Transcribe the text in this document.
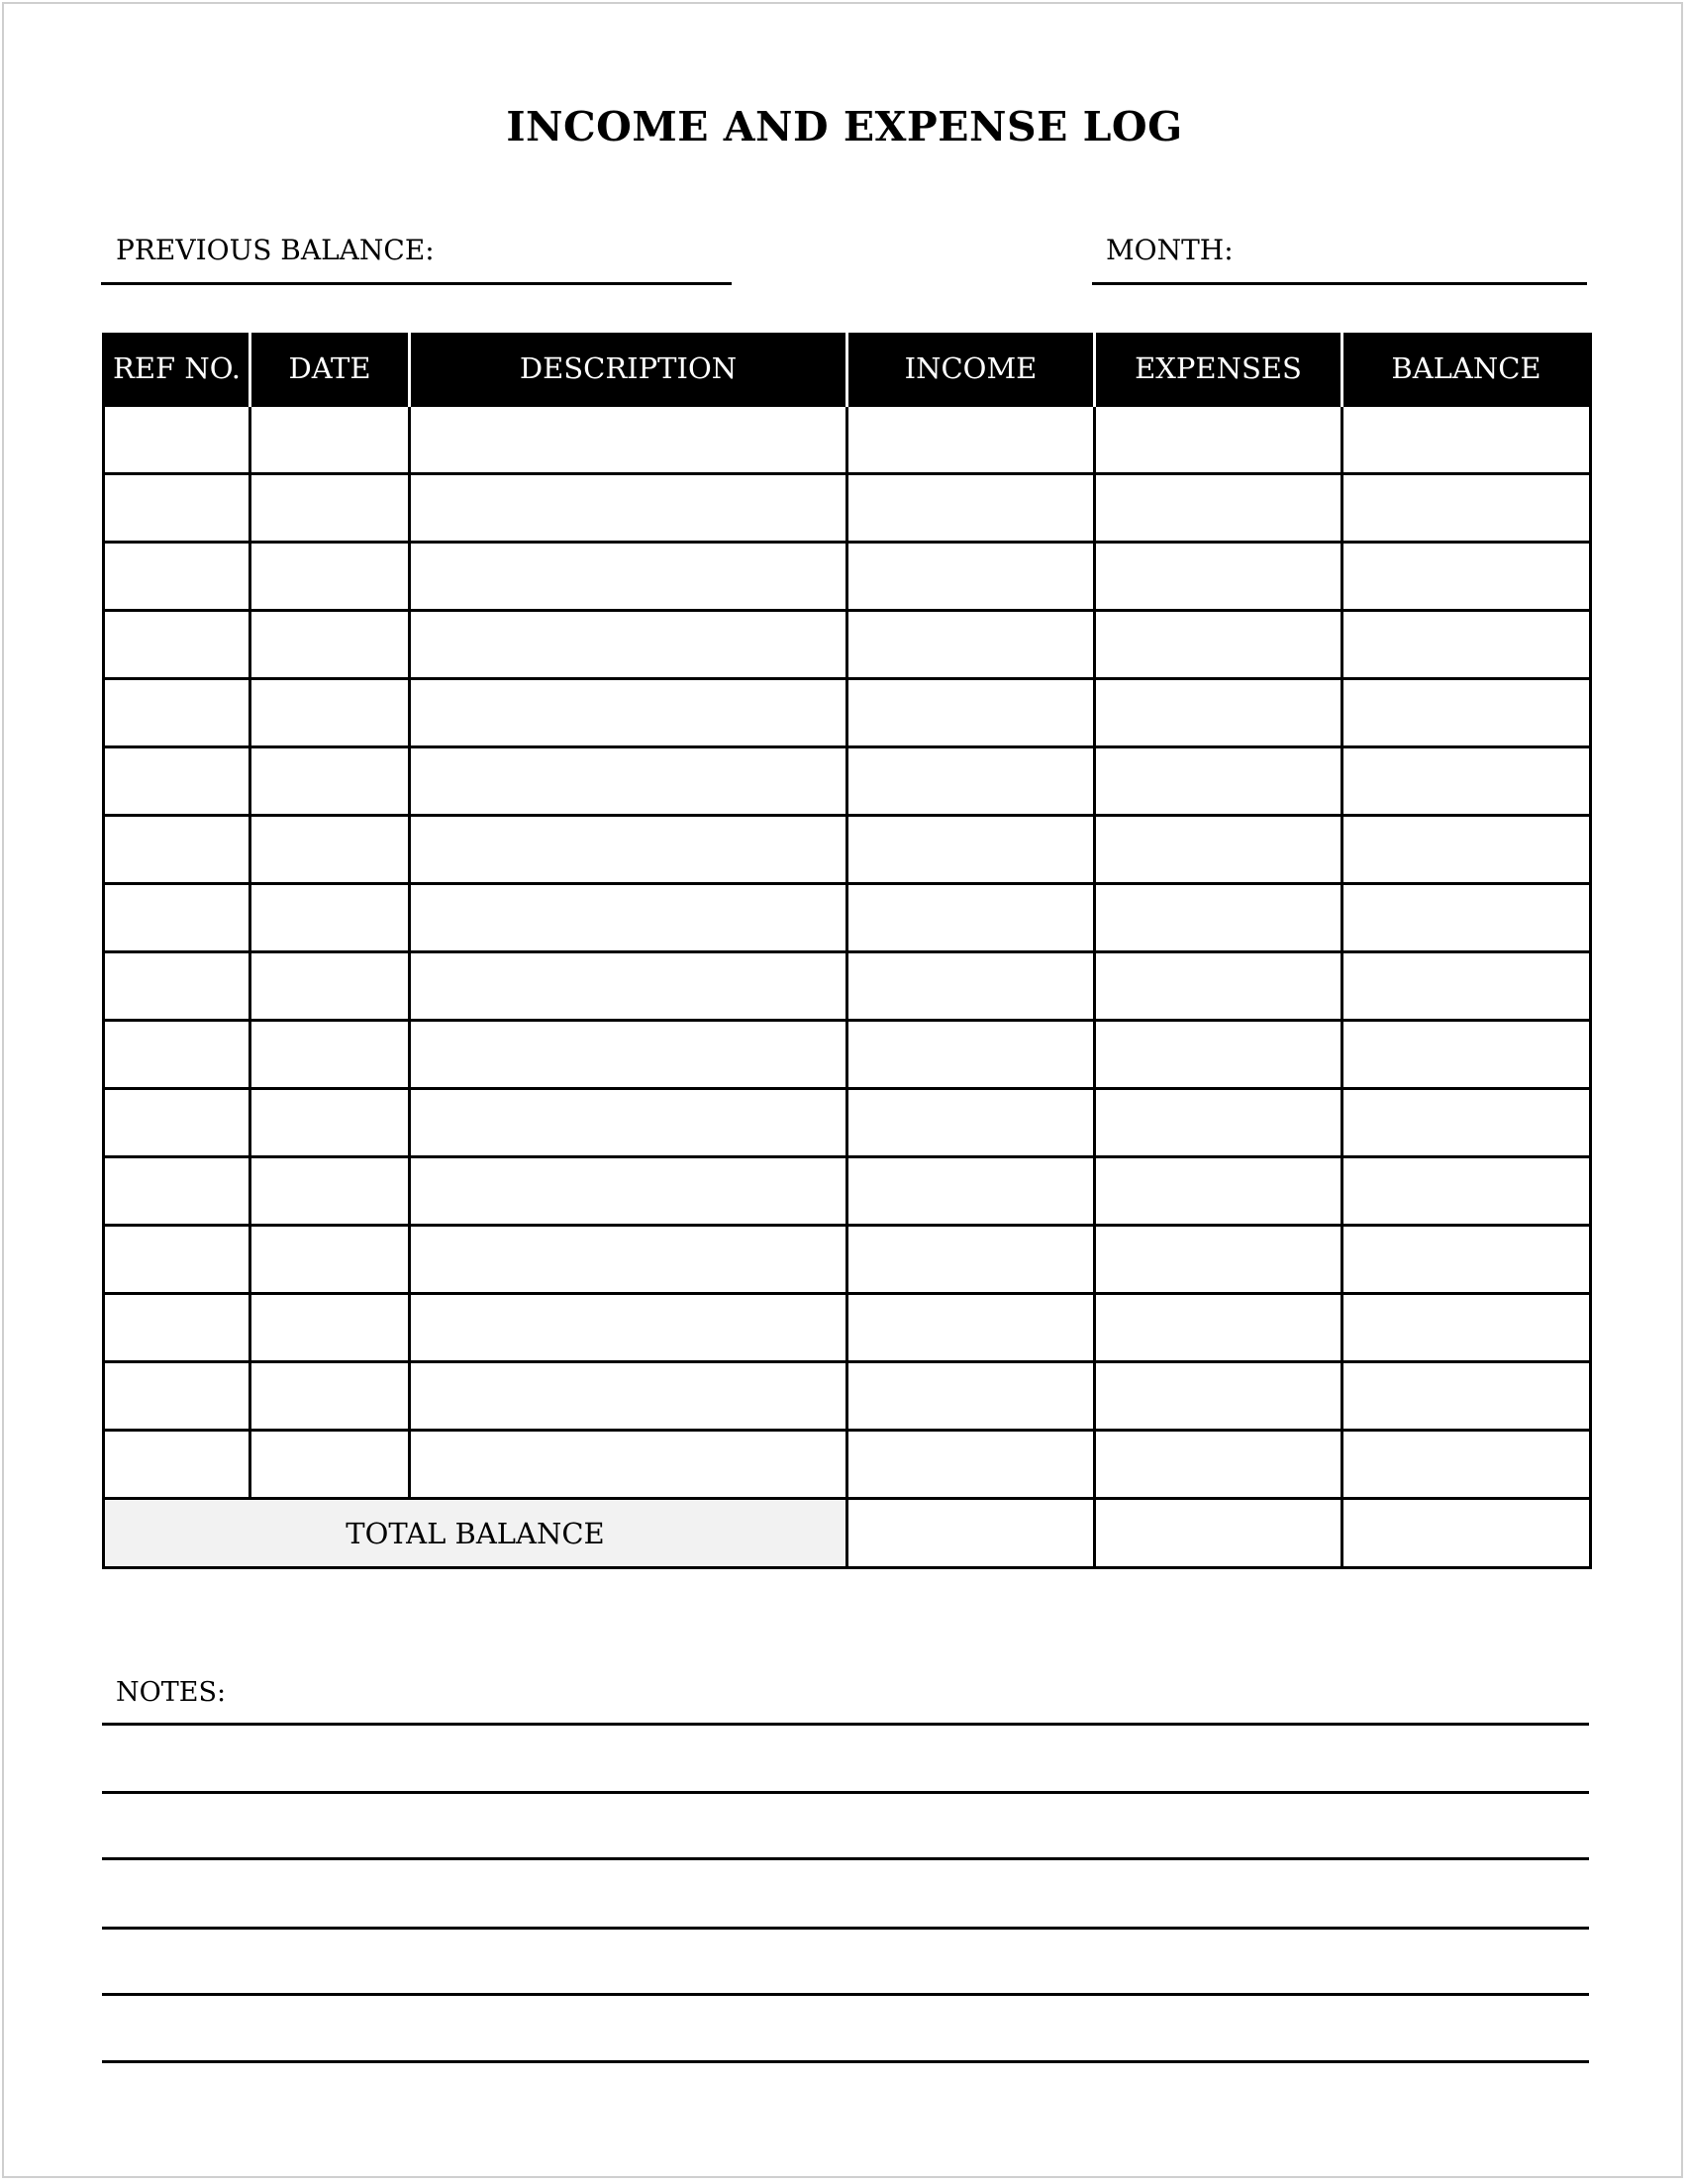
INCOME AND EXPENSE LOG
PREVIOUS BALANCE:	MONTH:
REF NO.	DATE	DESCRIPTION	INCOME	EXPENSES	BALANCE

TOTAL BALANCE					
NOTES:
